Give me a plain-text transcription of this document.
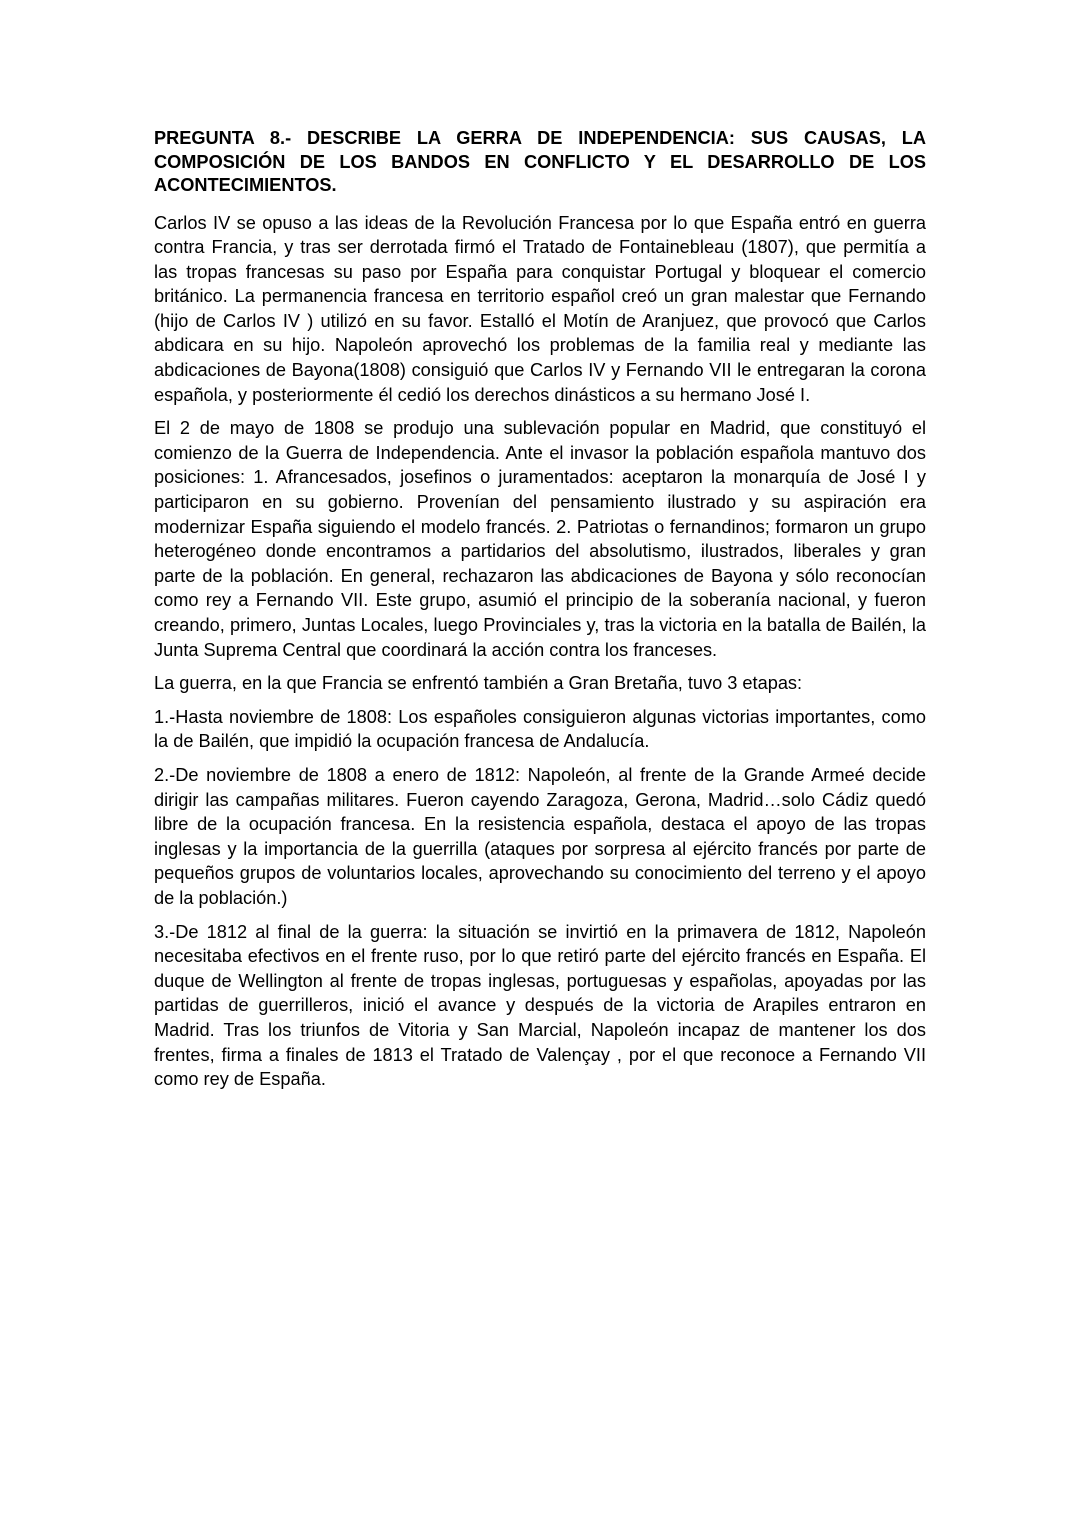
PREGUNTA 8.- DESCRIBE LA GERRA DE INDEPENDENCIA: SUS CAUSAS, LA COMPOSICIÓN DE LOS BANDOS EN CONFLICTO Y EL DESARROLLO DE LOS ACONTECIMIENTOS.

Carlos IV se opuso a las ideas de la Revolución Francesa por lo que España entró en guerra contra Francia, y tras ser derrotada firmó el Tratado de Fontainebleau (1807), que permitía a las tropas francesas su paso por España para conquistar Portugal y bloquear el comercio británico. La permanencia francesa en territorio español creó un gran malestar que Fernando (hijo de Carlos IV ) utilizó en su favor. Estalló el Motín de Aranjuez, que provocó que Carlos abdicara en su hijo. Napoleón aprovechó los problemas de la familia real y mediante las abdicaciones de Bayona(1808) consiguió que Carlos IV y Fernando VII le entregaran la corona española, y posteriormente él cedió los derechos dinásticos a su hermano José I.

El 2 de mayo de 1808 se produjo una sublevación popular en Madrid, que constituyó el comienzo de la Guerra de Independencia. Ante el invasor la población española mantuvo dos posiciones: 1. Afrancesados, josefinos o juramentados: aceptaron la monarquía de José I y participaron en su gobierno. Provenían del pensamiento ilustrado y su aspiración era modernizar España siguiendo el modelo francés. 2. Patriotas o fernandinos; formaron un grupo heterogéneo donde encontramos a partidarios del absolutismo, ilustrados, liberales y gran parte de la población. En general, rechazaron las abdicaciones de Bayona y sólo reconocían como rey a Fernando VII. Este grupo, asumió el principio de la soberanía nacional, y fueron creando, primero, Juntas Locales, luego Provinciales y, tras la victoria en la batalla de Bailén, la Junta Suprema Central que coordinará la acción contra los franceses.

La guerra, en la que Francia se enfrentó también a Gran Bretaña, tuvo 3 etapas:

1.-Hasta noviembre de 1808: Los españoles consiguieron algunas victorias importantes, como la de Bailén, que impidió la ocupación francesa de Andalucía.

2.-De noviembre de 1808 a enero de 1812: Napoleón, al frente de la Grande Armeé decide dirigir las campañas militares. Fueron cayendo Zaragoza, Gerona, Madrid…solo Cádiz quedó libre de la ocupación francesa. En la resistencia española, destaca el apoyo de las tropas inglesas y la importancia de la guerrilla (ataques por sorpresa al ejército francés por parte de pequeños grupos de voluntarios locales, aprovechando su conocimiento del terreno y el apoyo de la población.)

3.-De 1812 al final de la guerra: la situación se invirtió en la primavera de 1812, Napoleón necesitaba efectivos en el frente ruso, por lo que retiró parte del ejército francés en España. El duque de Wellington al frente de tropas inglesas, portuguesas y españolas, apoyadas por las partidas de guerrilleros, inició el avance y después de la victoria de Arapiles entraron en Madrid. Tras los triunfos de Vitoria y San Marcial, Napoleón incapaz de mantener los dos frentes, firma a finales de 1813 el Tratado de Valençay , por el que reconoce a Fernando VII como rey de España.
